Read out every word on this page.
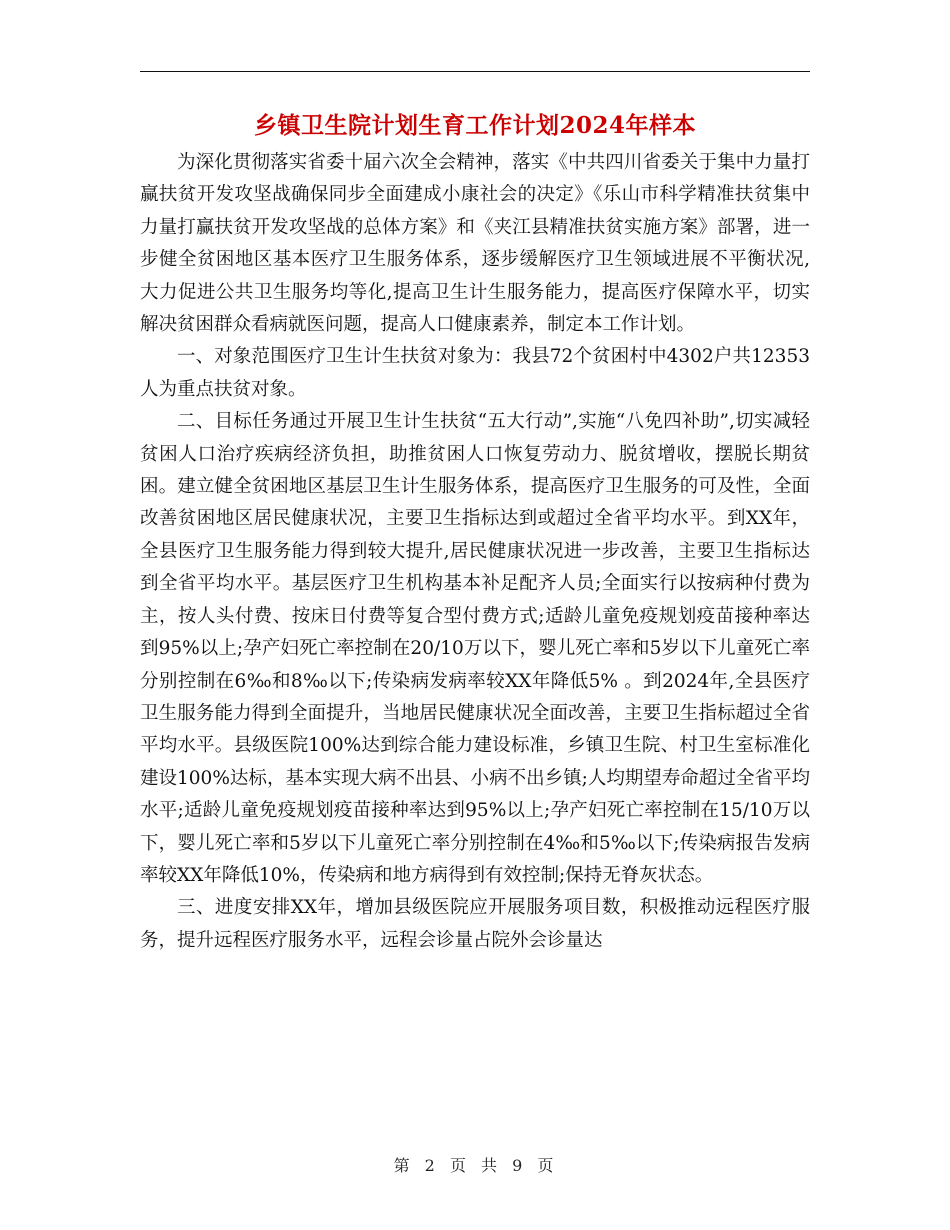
乡镇卫生院计划生育工作计划2024年样本

为深化贯彻落实省委十届六次全会精神，落实《中共四川省委关于集中力量打赢扶贫开发攻坚战确保同步全面建成小康社会的决定》《乐山市科学精准扶贫集中力量打赢扶贫开发攻坚战的总体方案》和《夹江县精准扶贫实施方案》部署，进一步健全贫困地区基本医疗卫生服务体系，逐步缓解医疗卫生领域进展不平衡状况,大力促进公共卫生服务均等化,提高卫生计生服务能力，提高医疗保障水平，切实解决贫困群众看病就医问题，提高人口健康素养，制定本工作计划。

一、对象范围医疗卫生计生扶贫对象为：我县72个贫困村中4302户共12353人为重点扶贫对象。

二、目标任务通过开展卫生计生扶贫“五大行动”,实施“八免四补助”,切实减轻贫困人口治疗疾病经济负担，助推贫困人口恢复劳动力、脱贫增收，摆脱长期贫困。建立健全贫困地区基层卫生计生服务体系，提高医疗卫生服务的可及性，全面改善贫困地区居民健康状况，主要卫生指标达到或超过全省平均水平。到XX年，全县医疗卫生服务能力得到较大提升,居民健康状况进一步改善，主要卫生指标达到全省平均水平。基层医疗卫生机构基本补足配齐人员;全面实行以按病种付费为主，按人头付费、按床日付费等复合型付费方式;适龄儿童免疫规划疫苗接种率达到95%以上;孕产妇死亡率控制在20/10万以下，婴儿死亡率和5岁以下儿童死亡率分别控制在6‰和8‰以下;传染病发病率较XX年降低5% 。到2024年,全县医疗卫生服务能力得到全面提升，当地居民健康状况全面改善，主要卫生指标超过全省平均水平。县级医院100%达到综合能力建设标准，乡镇卫生院、村卫生室标准化建设100%达标，基本实现大病不出县、小病不出乡镇;人均期望寿命超过全省平均水平;适龄儿童免疫规划疫苗接种率达到95%以上;孕产妇死亡率控制在15/10万以下，婴儿死亡率和5岁以下儿童死亡率分别控制在4‰和5‰以下;传染病报告发病率较XX年降低10%，传染病和地方病得到有效控制;保持无脊灰状态。

三、进度安排XX年，增加县级医院应开展服务项目数，积极推动远程医疗服务，提升远程医疗服务水平，远程会诊量占院外会诊量达

第 2 页 共 9 页
